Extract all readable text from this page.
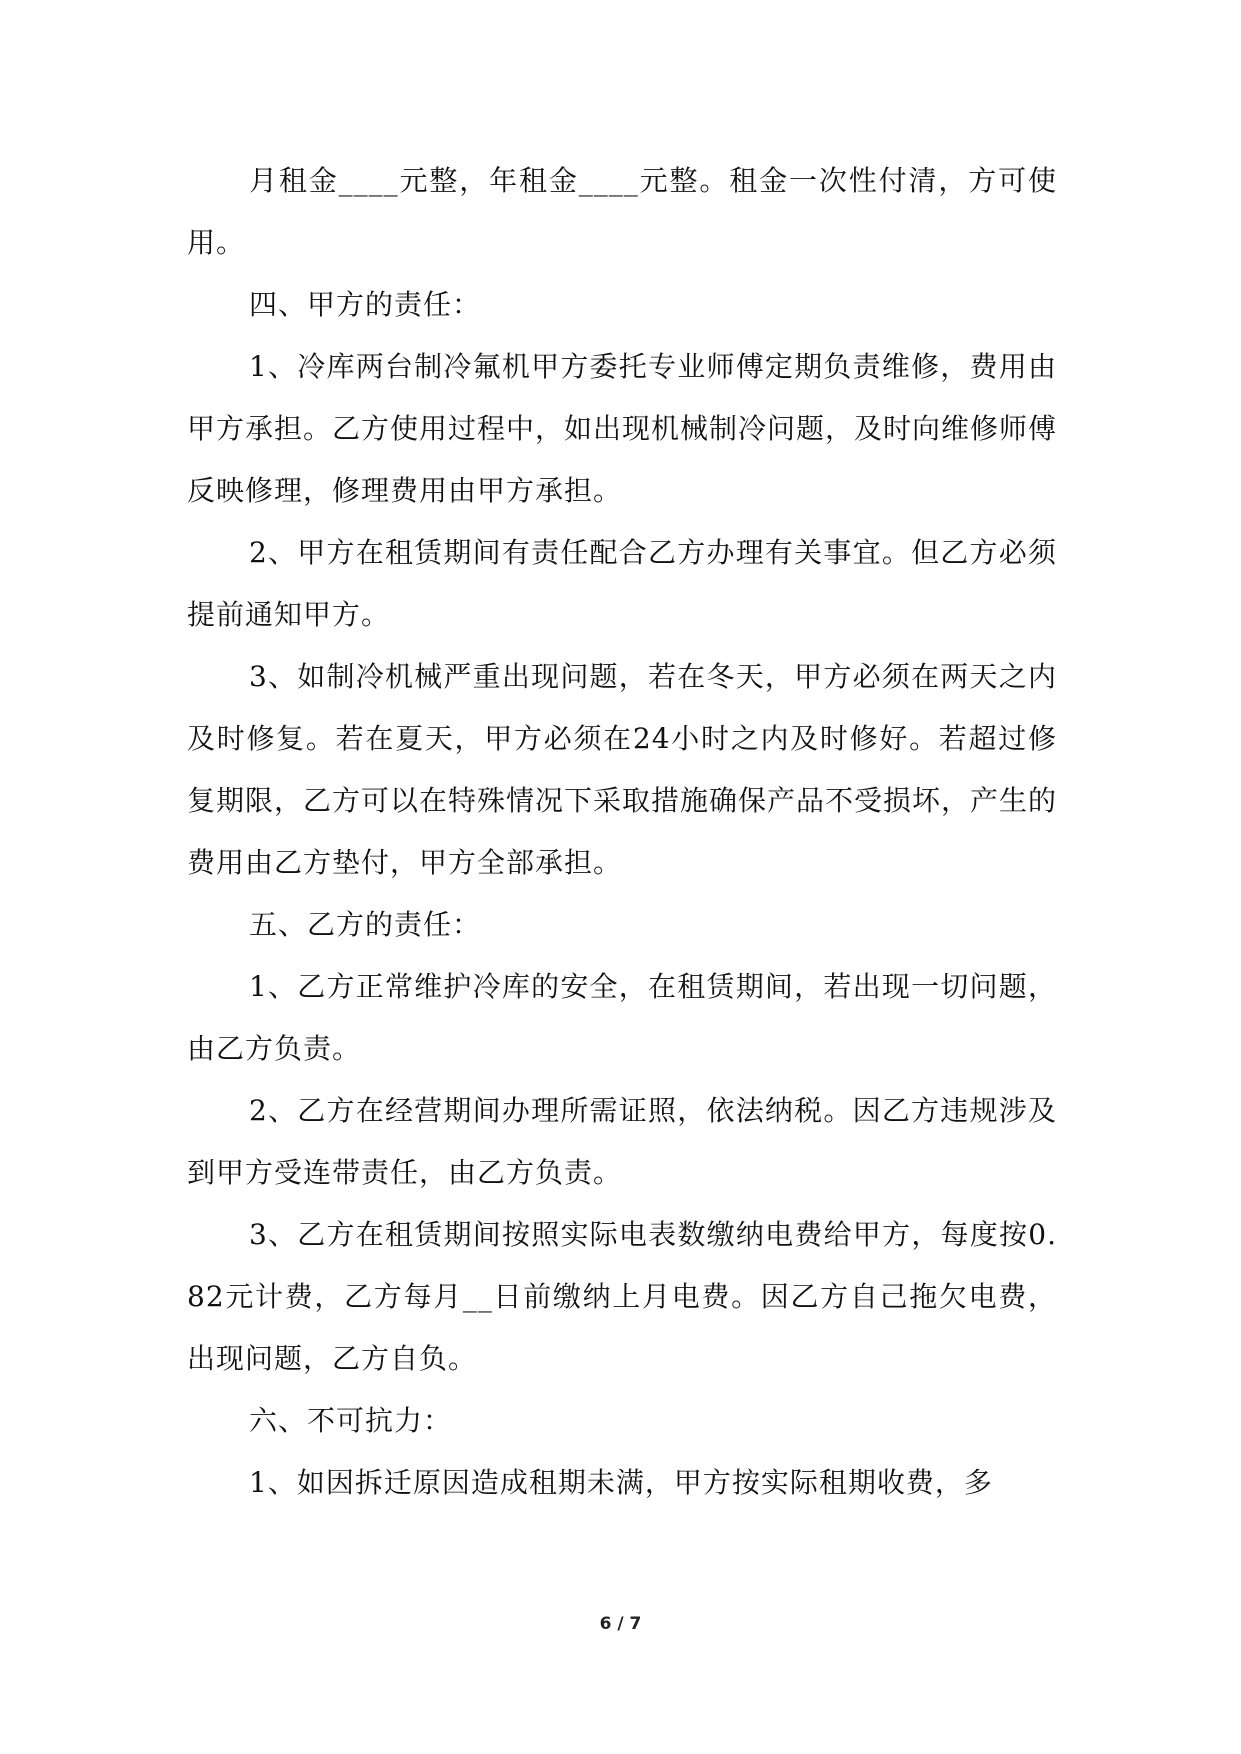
月租金____元整，年租金____元整。租金一次性付清，方可使用。

四、甲方的责任：

1、冷库两台制冷氟机甲方委托专业师傅定期负责维修，费用由甲方承担。乙方使用过程中，如出现机械制冷问题，及时向维修师傅反映修理，修理费用由甲方承担。

2、甲方在租赁期间有责任配合乙方办理有关事宜。但乙方必须提前通知甲方。

3、如制冷机械严重出现问题，若在冬天，甲方必须在两天之内及时修复。若在夏天，甲方必须在24小时之内及时修好。若超过修复期限，乙方可以在特殊情况下采取措施确保产品不受损坏，产生的费用由乙方垫付，甲方全部承担。

五、乙方的责任：

1、乙方正常维护冷库的安全，在租赁期间，若出现一切问题，由乙方负责。

2、乙方在经营期间办理所需证照，依法纳税。因乙方违规涉及到甲方受连带责任，由乙方负责。

3、乙方在租赁期间按照实际电表数缴纳电费给甲方，每度按0.82元计费，乙方每月__日前缴纳上月电费。因乙方自己拖欠电费，出现问题，乙方自负。

六、不可抗力：

1、如因拆迁原因造成租期未满，甲方按实际租期收费，多

6 / 7
